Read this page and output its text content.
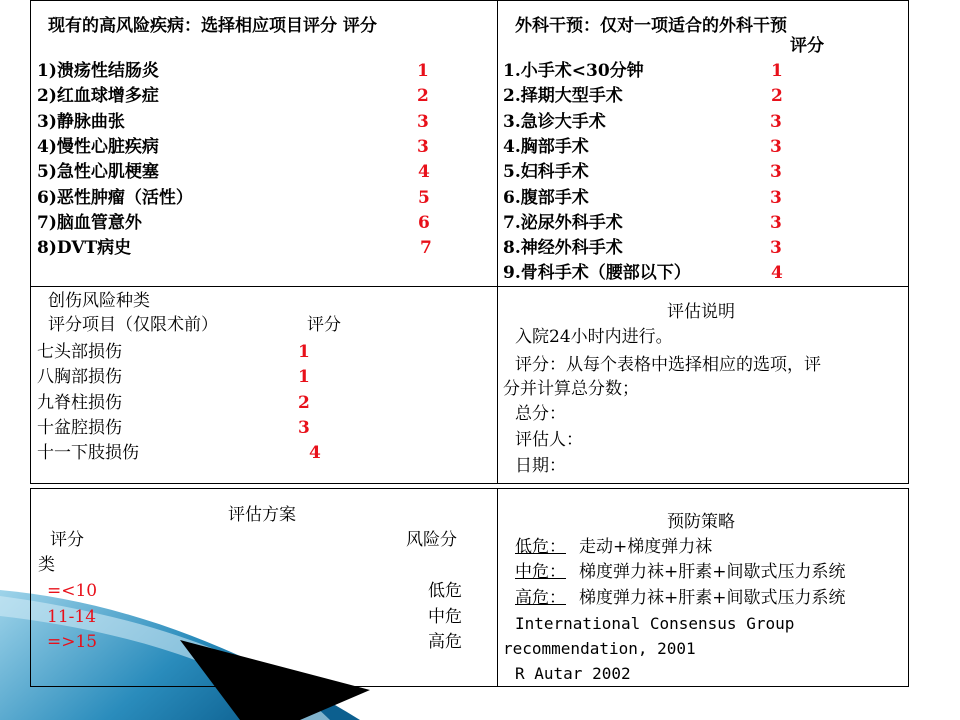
现有的高风险疾病：选择相应项目评分 评分
1)溃疡性结肠炎	1
2)红血球增多症	2
3)静脉曲张	3
4)慢性心脏疾病	3
5)急性心肌梗塞	4
6)恶性肿瘤（活性）	5
7)脑血管意外	6
8)DVT病史	7
外科干预：仅对一项适合的外科干预
评分
1.小手术<30分钟	1
2.择期大型手术	2
3.急诊大手术	3
4.胸部手术	3
5.妇科手术	3
6.腹部手术	3
7.泌尿外科手术	3
8.神经外科手术	3
9.骨科手术（腰部以下）	4
创伤风险种类
评分项目（仅限术前）	评分
七头部损伤	1
八胸部损伤	1
九脊柱损伤	2
十盆腔损伤	3
十一下肢损伤	4
评估说明
入院24小时内进行。
评分：从每个表格中选择相应的选项，评
分并计算总分数；
总分：
评估人：
日期：
评估方案
评分	风险分
类
=<10	低危
11-14	中危
=>15	高危
预防策略
低危： 走动+梯度弹力袜
中危： 梯度弹力袜+肝素+间歇式压力系统
高危： 梯度弹力袜+肝素+间歇式压力系统
International Consensus Group
recommendation, 2001
R Autar 2002
